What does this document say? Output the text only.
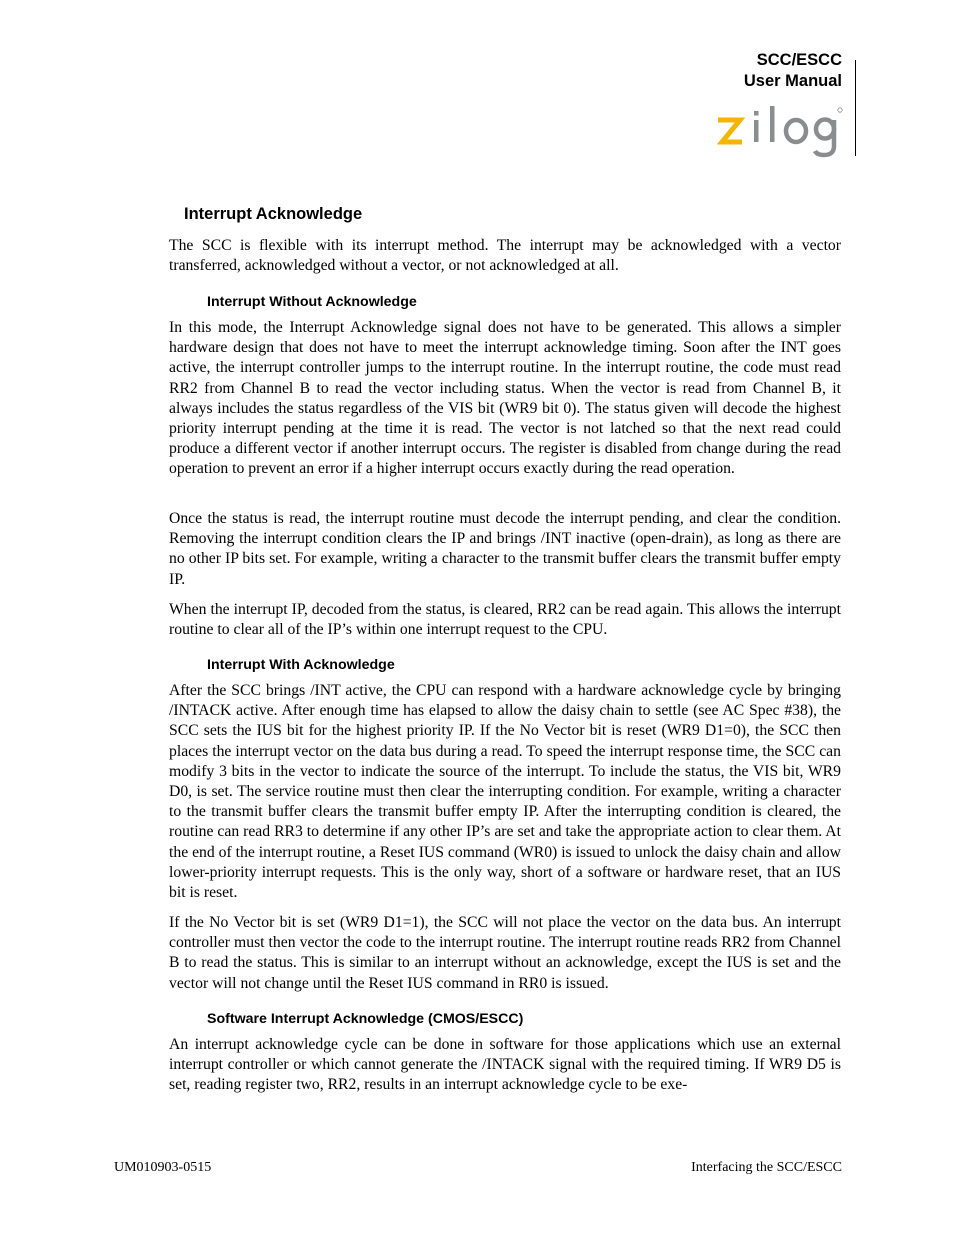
SCC/ESCC
User Manual
Interrupt Acknowledge

The SCC is flexible with its interrupt method. The interrupt may be acknowledged with a vector transferred, acknowledged without a vector, or not acknowledged at all.

Interrupt Without Acknowledge

In this mode, the Interrupt Acknowledge signal does not have to be generated. This allows a simpler hardware design that does not have to meet the interrupt acknowledge timing. Soon after the INT goes active, the interrupt controller jumps to the interrupt routine. In the interrupt routine, the code must read RR2 from Channel B to read the vector including status. When the vector is read from Channel B, it always includes the status regardless of the VIS bit (WR9 bit 0). The status given will decode the highest priority interrupt pending at the time it is read. The vector is not latched so that the next read could produce a different vector if another interrupt occurs. The register is disabled from change during the read operation to prevent an error if a higher interrupt occurs exactly during the read operation.

Once the status is read, the interrupt routine must decode the interrupt pending, and clear the condition. Removing the interrupt condition clears the IP and brings /INT inactive (open-drain), as long as there are no other IP bits set. For example, writing a character to the transmit buffer clears the transmit buffer empty IP.

When the interrupt IP, decoded from the status, is cleared, RR2 can be read again. This allows the interrupt routine to clear all of the IP’s within one interrupt request to the CPU.

Interrupt With Acknowledge

After the SCC brings /INT active, the CPU can respond with a hardware acknowledge cycle by bringing /INTACK active. After enough time has elapsed to allow the daisy chain to settle (see AC Spec #38), the SCC sets the IUS bit for the highest priority IP. If the No Vector bit is reset (WR9 D1=0), the SCC then places the interrupt vector on the data bus during a read. To speed the interrupt response time, the SCC can modify 3 bits in the vector to indicate the source of the interrupt. To include the status, the VIS bit, WR9 D0, is set. The service routine must then clear the interrupting condition. For example, writing a character to the transmit buffer clears the transmit buffer empty IP. After the interrupting condition is cleared, the routine can read RR3 to determine if any other IP’s are set and take the appropriate action to clear them. At the end of the interrupt routine, a Reset IUS command (WR0) is issued to unlock the daisy chain and allow lower-priority interrupt requests. This is the only way, short of a software or hardware reset, that an IUS bit is reset.

If the No Vector bit is set (WR9 D1=1), the SCC will not place the vector on the data bus. An interrupt controller must then vector the code to the interrupt routine. The interrupt routine reads RR2 from Channel B to read the status. This is similar to an interrupt without an acknowledge, except the IUS is set and the vector will not change until the Reset IUS command in RR0 is issued.

Software Interrupt Acknowledge (CMOS/ESCC)

An interrupt acknowledge cycle can be done in software for those applications which use an external interrupt controller or which cannot generate the /INTACK signal with the required timing. If WR9 D5 is set, reading register two, RR2, results in an interrupt acknowledge cycle to be exe-

UM010903-0515	Interfacing the SCC/ESCC
